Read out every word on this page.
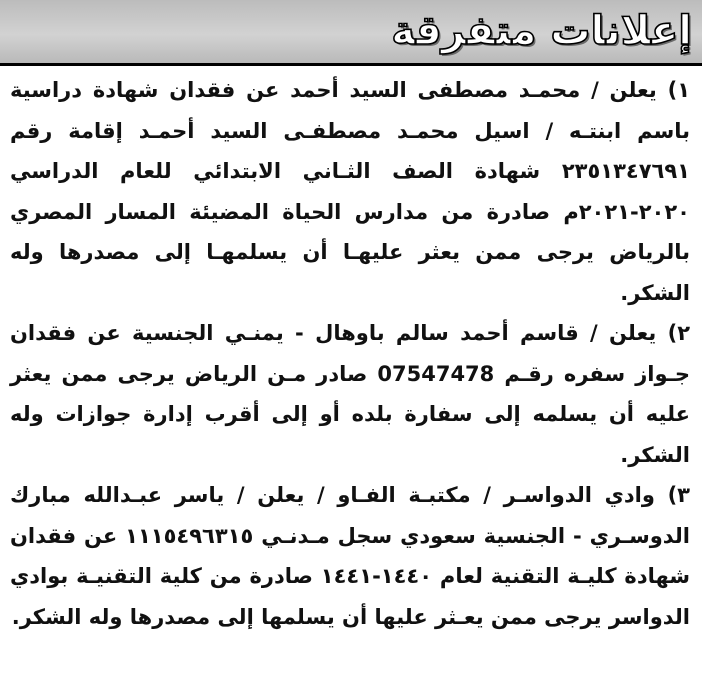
إعلانات متفرقة

١) يعلن / محمـد مصطفى السيد أحمد عن فقدان شهادة دراسية باسم ابنتـه / اسيل محمـد مصطفـى السيد أحمـد إقامة رقم ٢٣٥١٣٤٧٦٩١ شهادة الصف الثـاني الابتدائي للعام الدراسي ٢٠٢٠-٢٠٢١م صادرة من مدارس الحياة المضيئة المسار المصري بالرياض يرجى ممن يعثر عليهـا أن يسلمهـا إلى مصدرها وله الشكر.

٢) يعلن / قاسم أحمد سالم باوهال - يمنـي الجنسية عن فقدان جـواز سفره رقـم 07547478 صادر مـن الرياض يرجى ممن يعثر عليه أن يسلمه إلى سفارة بلده أو إلى أقرب إدارة جوازات وله الشكر.

٣) وادي الدواسـر / مكتبـة الفـاو / يعلن / ياسر عبـدالله مبارك الدوسـري - الجنسية سعودي سجل مـدنـي ١١١٥٤٩٦٣١٥ عن فقدان شهادة كليـة التقنية لعام ١٤٤٠-١٤٤١ صادرة من كلية التقنيـة بوادي الدواسر يرجى ممن يعـثر عليها أن يسلمها إلى مصدرها وله الشكر.
